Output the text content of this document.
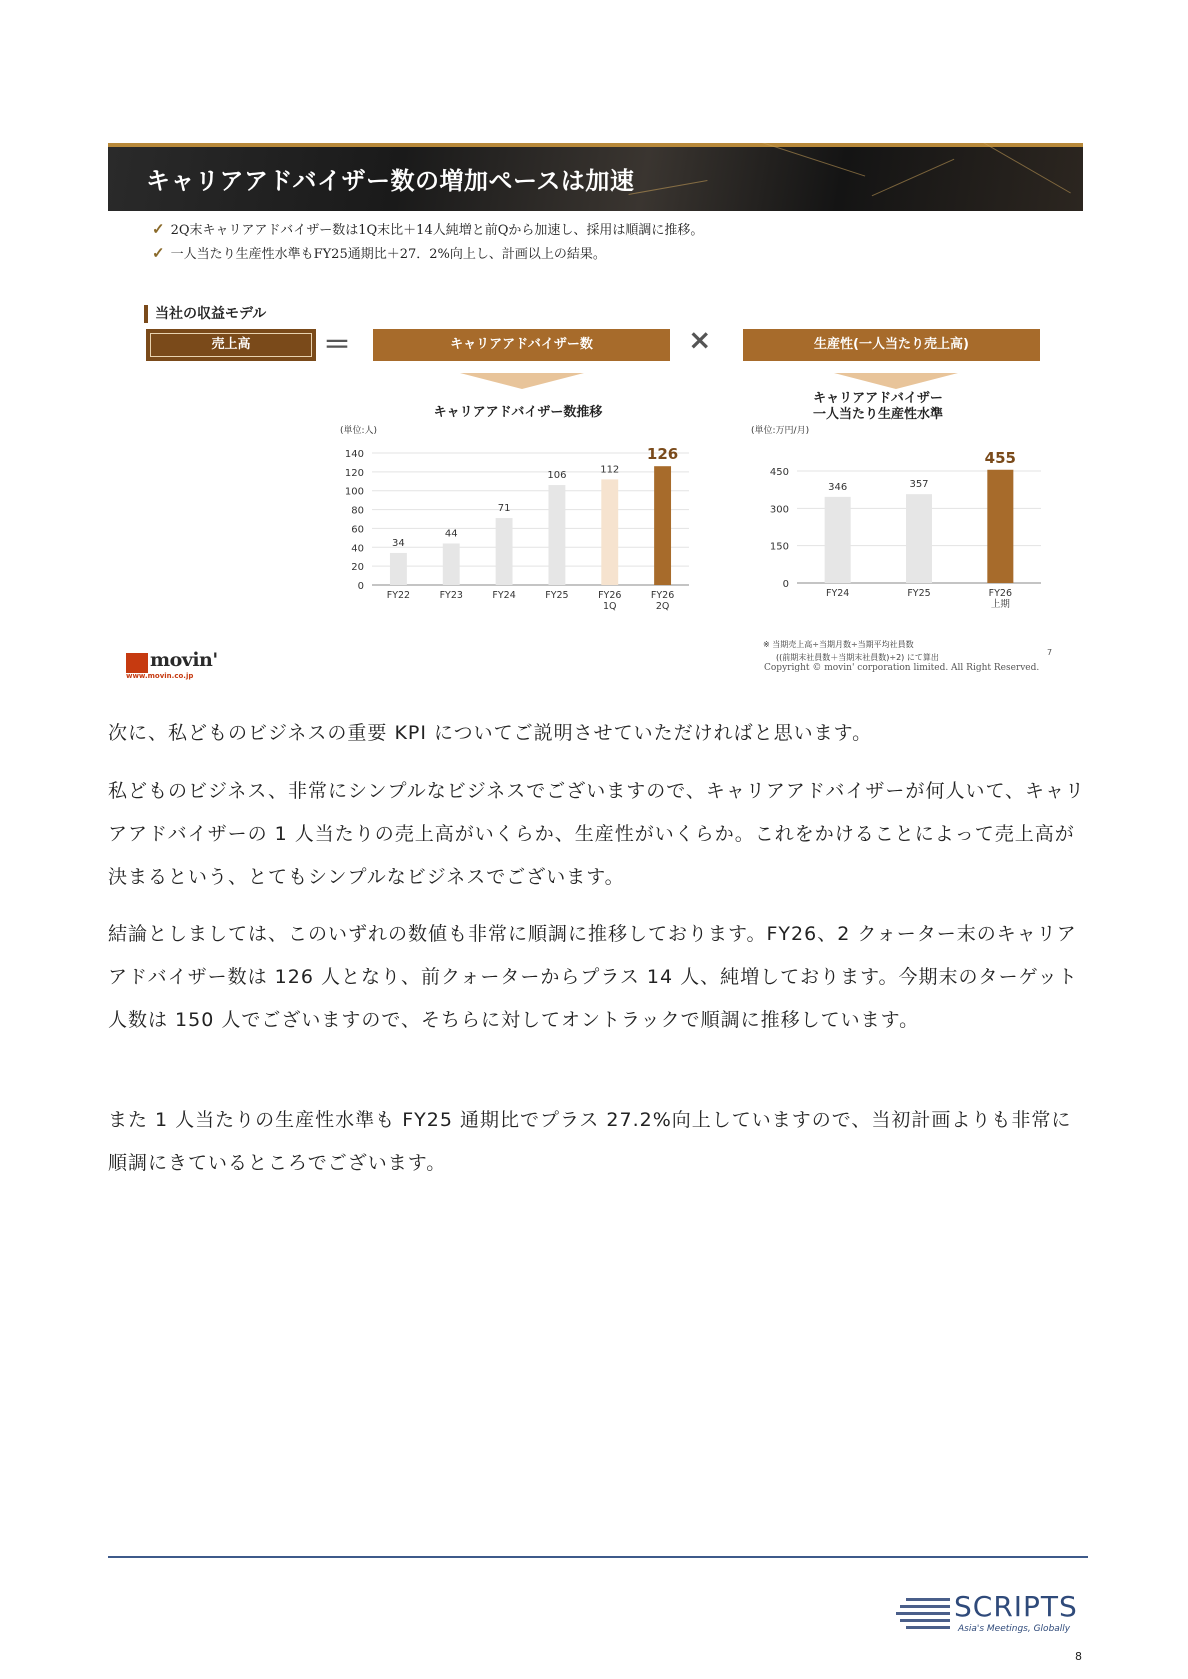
キャリアアドバイザー数の増加ペースは加速
✓ 2Q末キャリアアドバイザー数は1Q末比＋14人純増と前Qから加速し、採用は順調に推移。
✓ 一人当たり生産性水準もFY25通期比＋27．2%向上し、計画以上の結果。
当社の収益モデル
売上高	＝	キャリアアドバイザー数	×	生産性(一人当たり売上高)
キャリアアドバイザー数推移
(単位:人)
0
20
40
60
80
100
120
140
34
FY22
44
FY23
71
FY24
106
FY25
112
FY26
1Q
126
FY26
2Q
キャリアアドバイザー
一人当たり生産性水準
(単位:万円/月)
0
150
300
450
346
FY24
357
FY25
455
FY26
上期
※ 当期売上高÷当期月数÷当期平均社員数
((前期末社員数＋当期末社員数)÷2) にて算出
7
Copyright © movin' corporation limited. All Right Reserved.
movin'
www.movin.co.jp
次に、私どものビジネスの重要 KPI についてご説明させていただければと思います。
私どものビジネス、非常にシンプルなビジネスでございますので、キャリアアドバイザーが何人いて、キャリアアドバイザーの 1 人当たりの売上高がいくらか、生産性がいくらか。これをかけることによって売上高が決まるという、とてもシンプルなビジネスでございます。
結論としましては、このいずれの数値も非常に順調に推移しております。FY26、2 クォーター末のキャリアアドバイザー数は 126 人となり、前クォーターからプラス 14 人、純増しております。今期末のターゲット人数は 150 人でございますので、そちらに対してオントラックで順調に推移しています。
また 1 人当たりの生産性水準も FY25 通期比でプラス 27.2%向上していますので、当初計画よりも非常に順調にきているところでございます。
SCRIPTS
Asia's Meetings, Globally
8
